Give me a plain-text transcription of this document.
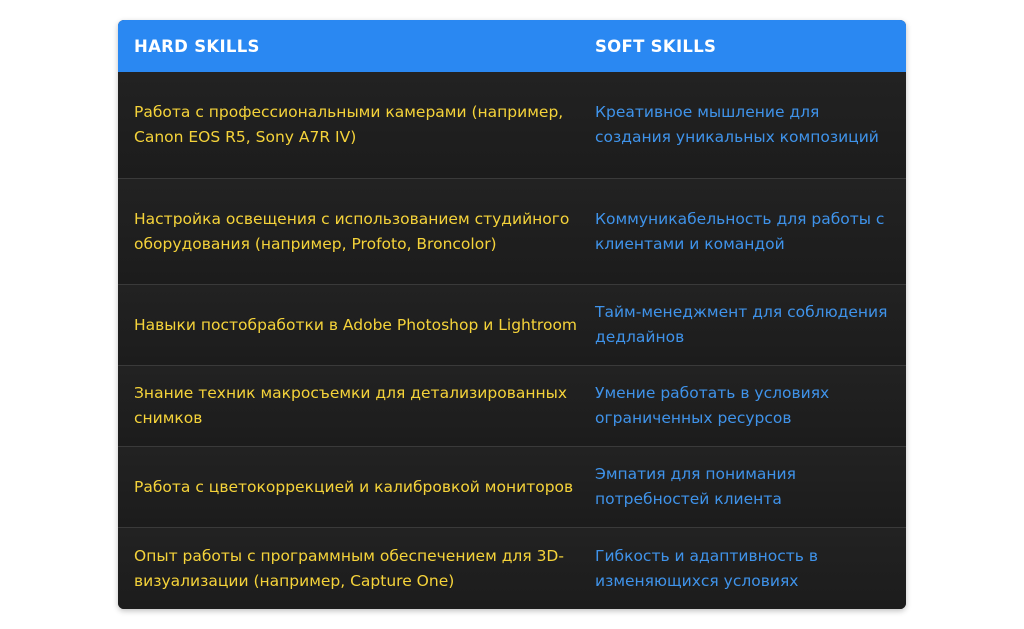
HARD SKILLS	SOFT SKILLS
Работа с профессиональными камерами (например, Canon EOS R5, Sony A7R IV)
Креативное мышление для создания уникальных композиций
Настройка освещения с использованием студийного оборудования (например, Profoto, Broncolor)
Коммуникабельность для работы с клиентами и командой
Навыки постобработки в Adobe Photoshop и Lightroom
Тайм-менеджмент для соблюдения дедлайнов
Знание техник макросъемки для детализированных снимков
Умение работать в условиях ограниченных ресурсов
Работа с цветокоррекцией и калибровкой мониторов
Эмпатия для понимания потребностей клиента
Опыт работы с программным обеспечением для 3D-визуализации (например, Capture One)
Гибкость и адаптивность в изменяющихся условиях
